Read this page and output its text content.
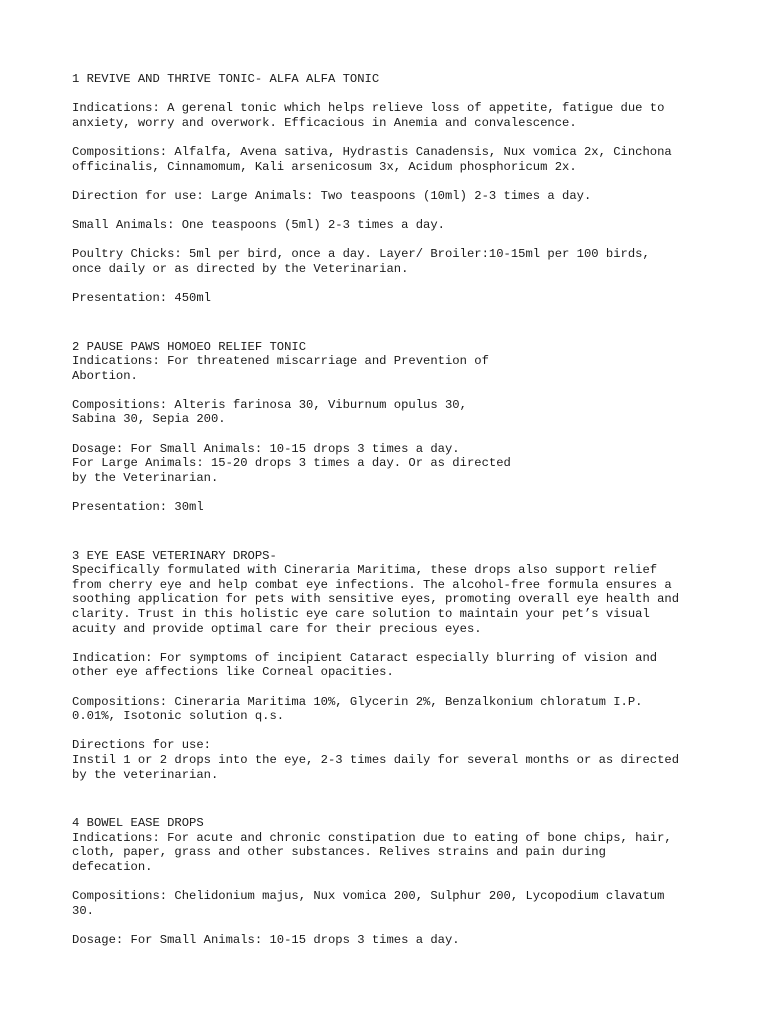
1 REVIVE AND THRIVE TONIC- ALFA ALFA TONIC
Indications: A gerenal tonic which helps relieve loss of appetite, fatigue due to
anxiety, worry and overwork. Efficacious in Anemia and convalescence.
Compositions: Alfalfa, Avena sativa, Hydrastis Canadensis, Nux vomica 2x, Cinchona
officinalis, Cinnamomum, Kali arsenicosum 3x, Acidum phosphoricum 2x.
Direction for use: Large Animals: Two teaspoons (10ml) 2-3 times a day.
Small Animals: One teaspoons (5ml) 2-3 times a day.
Poultry Chicks: 5ml per bird, once a day. Layer/ Broiler:10-15ml per 100 birds,
once daily or as directed by the Veterinarian.
Presentation: 450ml
2 PAUSE PAWS HOMOEO RELIEF TONIC
Indications: For threatened miscarriage and Prevention of
Abortion.
Compositions: Alteris farinosa 30, Viburnum opulus 30,
Sabina 30, Sepia 200.
Dosage: For Small Animals: 10-15 drops 3 times a day.
For Large Animals: 15-20 drops 3 times a day. Or as directed
by the Veterinarian.
Presentation: 30ml
3 EYE EASE VETERINARY DROPS-
Specifically formulated with Cineraria Maritima, these drops also support relief
from cherry eye and help combat eye infections. The alcohol-free formula ensures a
soothing application for pets with sensitive eyes, promoting overall eye health and
clarity. Trust in this holistic eye care solution to maintain your pet’s visual
acuity and provide optimal care for their precious eyes.
Indication: For symptoms of incipient Cataract especially blurring of vision and
other eye affections like Corneal opacities.
Compositions: Cineraria Maritima 10%, Glycerin 2%, Benzalkonium chloratum I.P.
0.01%, Isotonic solution q.s.
Directions for use:
Instil 1 or 2 drops into the eye, 2-3 times daily for several months or as directed
by the veterinarian.
4 BOWEL EASE DROPS
Indications: For acute and chronic constipation due to eating of bone chips, hair,
cloth, paper, grass and other substances. Relives strains and pain during
defecation.
Compositions: Chelidonium majus, Nux vomica 200, Sulphur 200, Lycopodium clavatum
30.
Dosage: For Small Animals: 10-15 drops 3 times a day.
